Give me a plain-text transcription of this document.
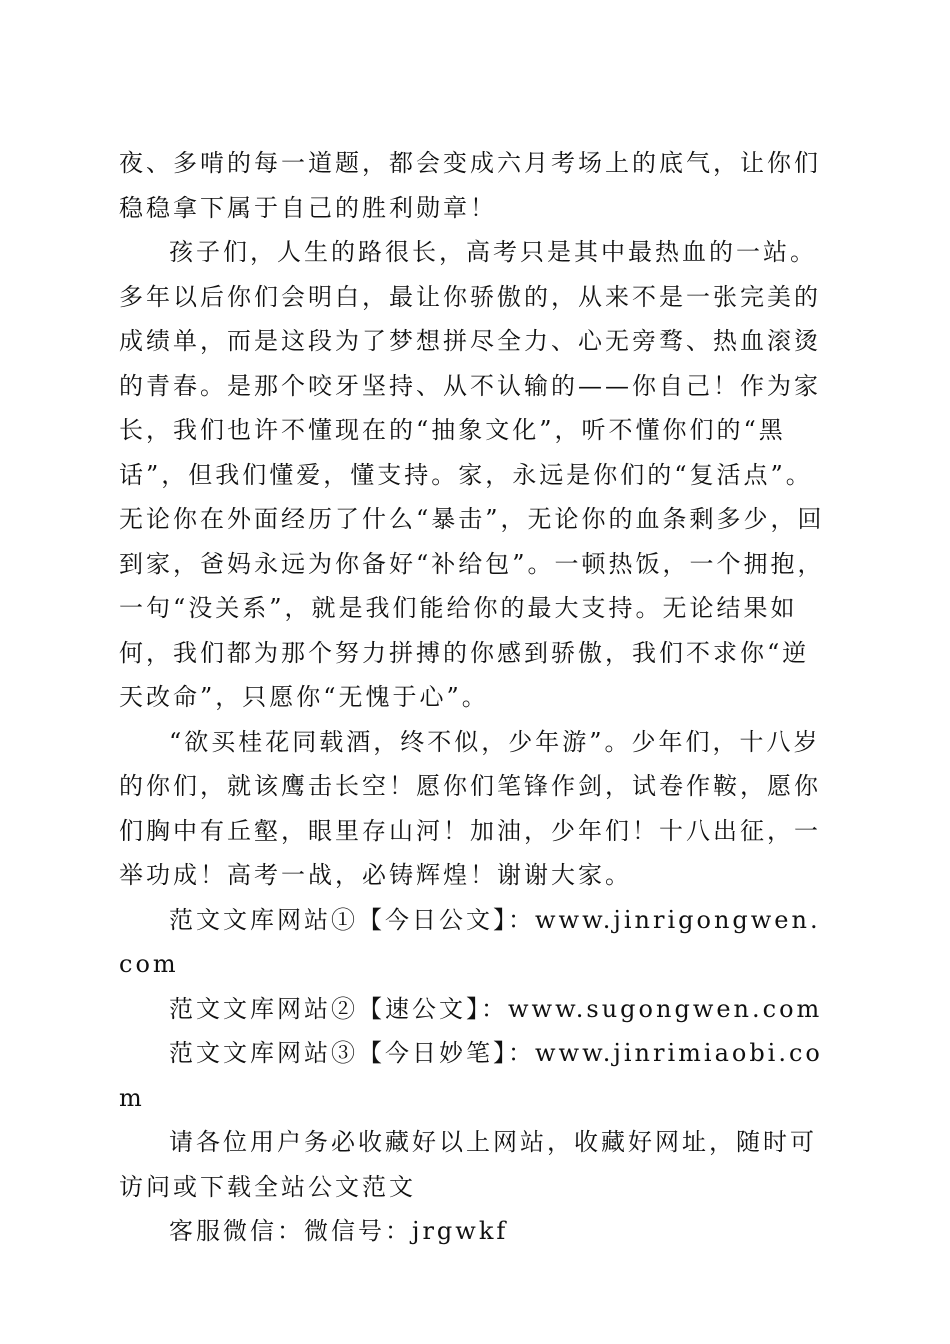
夜、多啃的每一道题，都会变成六月考场上的底气，让你们稳稳拿下属于自己的胜利勋章！

孩子们，人生的路很长，高考只是其中最热血的一站。多年以后你们会明白，最让你骄傲的，从来不是一张完美的成绩单，而是这段为了梦想拼尽全力、心无旁骛、热血滚烫的青春。是那个咬牙坚持、从不认输的——你自己！作为家长，我们也许不懂现在的“抽象文化”，听不懂你们的“黑话”，但我们懂爱，懂支持。家，永远是你们的“复活点”。无论你在外面经历了什么“暴击”，无论你的血条剩多少，回到家，爸妈永远为你备好“补给包”。一顿热饭，一个拥抱，一句“没关系”，就是我们能给你的最大支持。无论结果如何，我们都为那个努力拼搏的你感到骄傲，我们不求你“逆天改命”，只愿你“无愧于心”。

“欲买桂花同载酒，终不似，少年游”。少年们，十八岁的你们，就该鹰击长空！愿你们笔锋作剑，试卷作鞍，愿你们胸中有丘壑，眼里存山河！加油，少年们！十八出征，一举功成！高考一战，必铸辉煌！谢谢大家。

范文文库网站①【今日公文】：www.jinrigongwen.com

范文文库网站②【速公文】：www.sugongwen.com

范文文库网站③【今日妙笔】：www.jinrimiaobi.com

请各位用户务必收藏好以上网站，收藏好网址，随时可访问或下载全站公文范文

客服微信：微信号：jrgwkf
